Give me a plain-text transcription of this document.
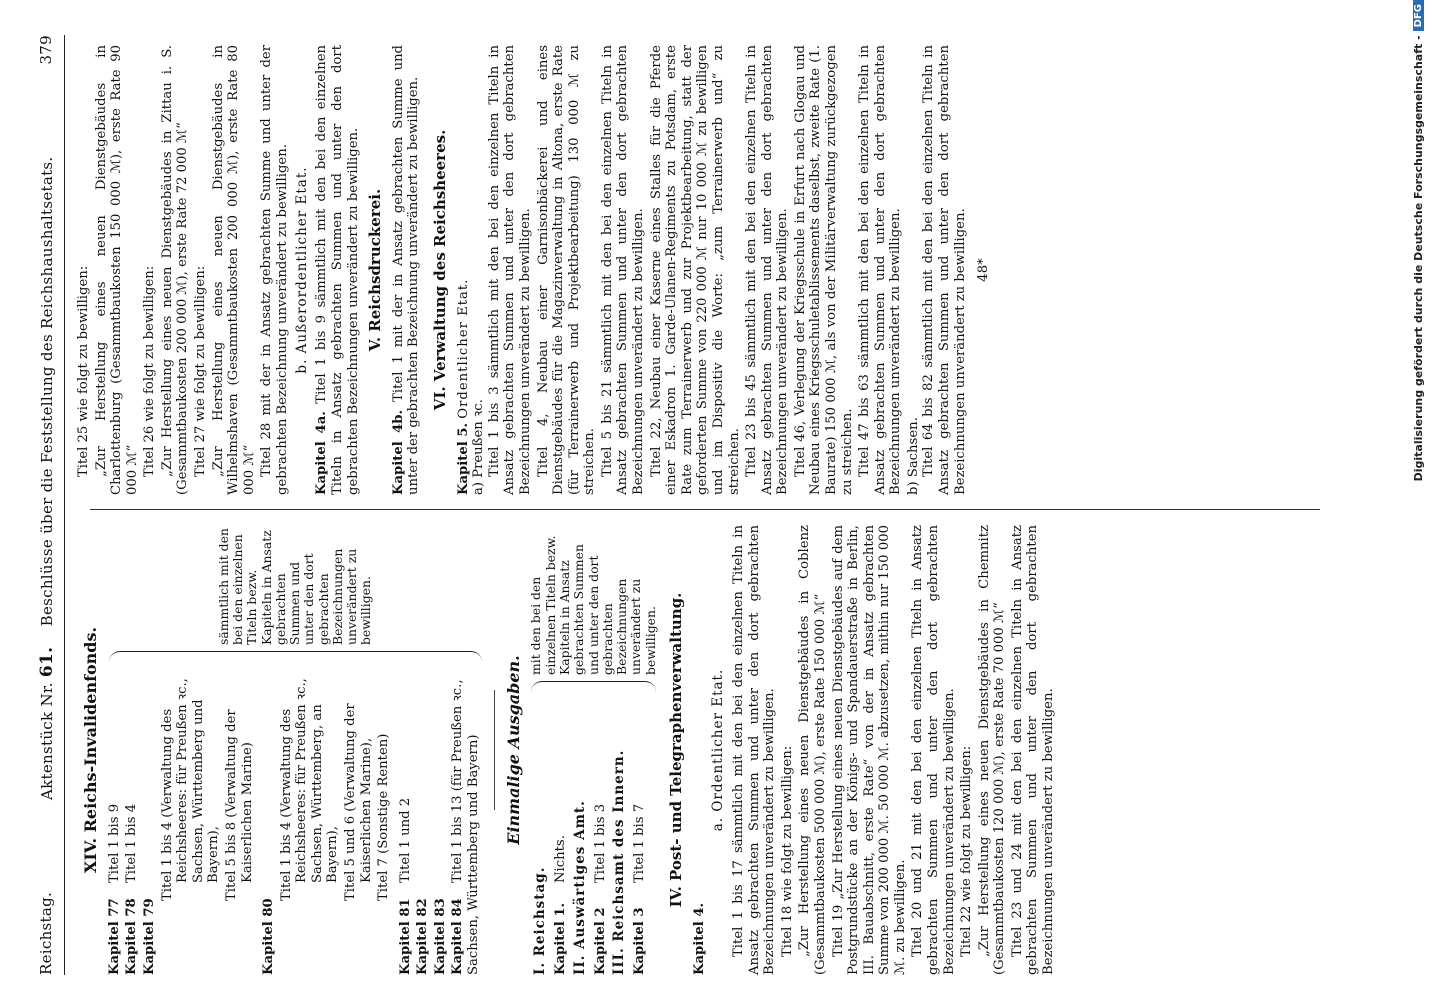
Reichstag.
Aktenstück Nr. 61.    Beschlüsse über die Feststellung des Reichshaushaltsetats.
379
XIV. Reichs-Invalidenfonds.
Kapitel 77Titel 1 bis 9
Kapitel 78Titel 1 bis 4
Kapitel 79
Titel 1 bis 4 (Verwaltung des Reichsheeres: für Preußen ꝛc., Sachsen, Württemberg und Bayern), Titel 5 bis 8 (Verwaltung der Kaiserlichen Marine)
Kapitel 80
Titel 1 bis 4 (Verwaltung des Reichsheeres: für Preußen ꝛc., Sachsen, Württemberg, an Bayern), Titel 5 und 6 (Verwaltung der Kaiserlichen Marine), Titel 7 (Sonstige Renten)
Kapitel 81Titel 1 und 2
Kapitel 82 Kapitel 83 Kapitel 84Titel 1 bis 13 (für Preußen ꝛc., Sachsen, Württemberg und Bayern)
sämmtlich mit den bei den einzelnen Titeln bezw. Kapiteln in Ansatz gebrachten Summen und unter den dort gebrachten Bezeichnungen unverändert zu bewilligen.
Einmalige Ausgaben.
I. Reichstag. Kapitel 1.Nichts. II. Auswärtiges Amt. Kapitel 2Titel 1 bis 3 III. Reichsamt des Innern. Kapitel 3Titel 1 bis 7
mit den bei den einzelnen Titeln bezw. Kapiteln in Ansatz gebrachten Summen und unter den dort gebrachten Bezeichnungen unverändert zu bewilligen. IV. Post- und Telegraphenverwaltung.
Kapitel 4.
a. Ordentlicher Etat. Titel 1 bis 17 sämmtlich mit den bei den einzelnen Titeln in Ansatz gebrachten Summen und unter den dort gebrachten Bezeichnungen unverändert zu bewilligen. Titel 18 wie folgt zu bewilligen: „Zur Herstellung eines neuen Dienstgebäudes in Coblenz (Gesammtbaukosten 500 000 ℳ), erste Rate 150 000 ℳ“ Titel 19 „Zur Herstellung eines neuen Dienstgebäudes auf dem Postgrundstücke an der Königs- und Spandauerstraße in Berlin, III. Bauabschnitt, erste Rate“ von der in Ansatz gebrachten Summe von 200 000 ℳ. 50 000 ℳ. abzusetzen, mithin nur 150 000 ℳ. zu bewilligen. Titel 20 und 21 mit den bei den einzelnen Titeln in Ansatz gebrachten Summen und unter den dort gebrachten Bezeichnungen unverändert zu bewilligen. Titel 22 wie folgt zu bewilligen: „Zur Herstellung eines neuen Dienstgebäudes in Chemnitz (Gesammtbaukosten 120 000 ℳ), erste Rate 70 000 ℳ“ Titel 23 und 24 mit den bei den einzelnen Titeln in Ansatz gebrachten Summen und unter den dort gebrachten Bezeichnungen unverändert zu bewilligen.
Titel 25 wie folgt zu bewilligen: „Zur Herstellung eines neuen Dienstgebäudes in Charlottenburg (Gesammtbaukosten 150 000 ℳ), erste Rate 90 000 ℳ“ Titel 26 wie folgt zu bewilligen: „Zur Herstellung eines neuen Dienstgebäudes in Zittau i. S. (Gesammtbaukosten 200 000 ℳ), erste Rate 72 000 ℳ“ Titel 27 wie folgt zu bewilligen: „Zur Herstellung eines neuen Dienstgebäudes in Wilhelmshaven (Gesammtbaukosten 200 000 ℳ), erste Rate 80 000 ℳ“ Titel 28 mit der in Ansatz gebrachten Summe und unter der gebrachten Bezeichnung unverändert zu bewilligen. b. Außerordentlicher Etat.
Kapitel 4a. Titel 1 bis 9 sämmtlich mit den bei den einzelnen Titeln in Ansatz gebrachten Summen und unter den dort gebrachten Bezeichnungen unverändert zu bewilligen. V. Reichsdruckerei.
Kapitel 4b. Titel 1 mit der in Ansatz gebrachten Summe und unter der gebrachten Bezeichnung unverändert zu bewilligen. VI. Verwaltung des Reichsheeres.
Kapitel 5. Ordentlicher Etat.
a) Preußen ꝛc. Titel 1 bis 3 sämmtlich mit den bei den einzelnen Titeln in Ansatz gebrachten Summen und unter den dort gebrachten Bezeichnungen unverändert zu bewilligen. Titel 4, Neubau einer Garnisonbäckerei und eines Dienstgebäudes für die Magazinverwaltung in Altona, erste Rate (für Terrainerwerb und Projektbearbeitung) 130 000 ℳ zu streichen. Titel 5 bis 21 sämmtlich mit den bei den einzelnen Titeln in Ansatz gebrachten Summen und unter den dort gebrachten Bezeichnungen unverändert zu bewilligen. Titel 22, Neubau einer Kaserne eines Stalles für die Pferde einer Eskadron 1. Garde-Ulanen-Regiments zu Potsdam, erste Rate zum Terrainerwerb und zur Projektbearbeitung, statt der geforderten Summe von 220 000 ℳ nur 10 000 ℳ zu bewilligen und im Dispositiv die Worte: „zum Terrainerwerb und“ zu streichen. Titel 23 bis 45 sämmtlich mit den bei den einzelnen Titeln in Ansatz gebrachten Summen und unter den dort gebrachten Bezeichnungen unverändert zu bewilligen. Titel 46, Verlegung der Kriegsschule in Erfurt nach Glogau und Neubau eines Kriegsschuletablissements daselbst, zweite Rate (1. Baurate) 150 000 ℳ, als von der Militärverwaltung zurückgezogen zu streichen. Titel 47 bis 63 sämmtlich mit den bei den einzelnen Titeln in Ansatz gebrachten Summen und unter den dort gebrachten Bezeichnungen unverändert zu bewilligen. b) Sachsen. Titel 64 bis 82 sämmtlich mit den bei den einzelnen Titeln in Ansatz gebrachten Summen und unter den dort gebrachten Bezeichnungen unverändert zu bewilligen. 48*	Digitalisierung gefördert durch die Deutsche Forschungsgemeinschaft -
DFG
